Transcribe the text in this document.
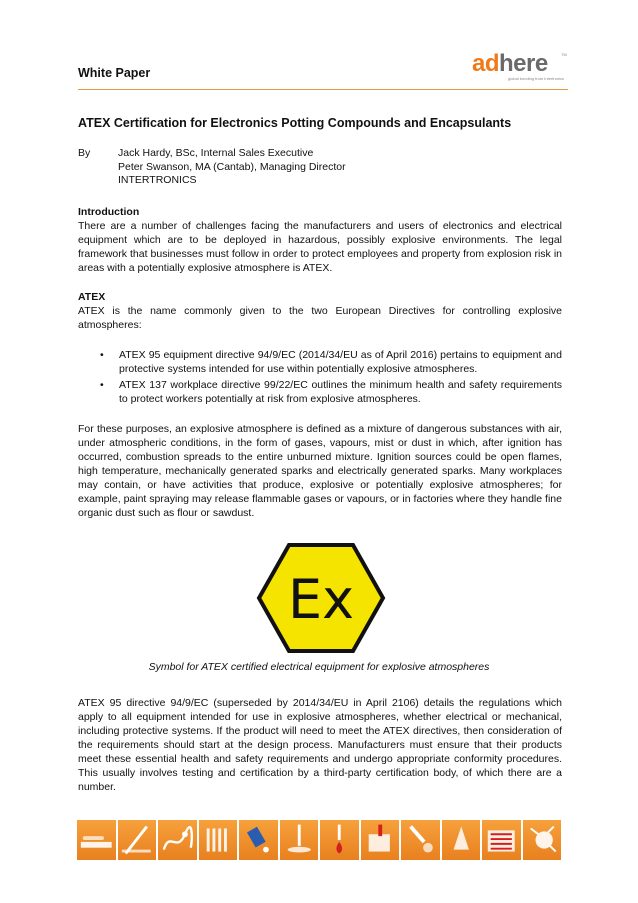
White Paper	adhere	TM
global bonding from Intertronics
ATEX Certification for Electronics Potting Compounds and Encapsulants
By	Jack Hardy, BSc, Internal Sales Executive
Peter Swanson, MA (Cantab), Managing Director
INTERTRONICS
Introduction
There are a number of challenges facing the manufacturers and users of electronics and electrical equipment which are to be deployed in hazardous, possibly explosive environments. The legal framework that businesses must follow in order to protect employees and property from explosion risk in areas with a potentially explosive atmosphere is ATEX.
ATEX
ATEX is the name commonly given to the two European Directives for controlling explosive atmospheres:
• ATEX 95 equipment directive 94/9/EC (2014/34/EU as of April 2016) pertains to equipment and protective systems intended for use within potentially explosive atmospheres.
• ATEX 137 workplace directive 99/22/EC outlines the minimum health and safety requirements to protect workers potentially at risk from explosive atmospheres.
For these purposes, an explosive atmosphere is defined as a mixture of dangerous substances with air, under atmospheric conditions, in the form of gases, vapours, mist or dust in which, after ignition has occurred, combustion spreads to the entire unburned mixture. Ignition sources could be open flames, high temperature, mechanically generated sparks and electrically generated sparks. Many workplaces may contain, or have activities that produce, explosive or potentially explosive atmospheres; for example, paint spraying may release flammable gases or vapours, or in factories where they handle fine organic dust such as flour or sawdust.
Ex
Symbol for ATEX certified electrical equipment for explosive atmospheres
ATEX 95 directive 94/9/EC (superseded by 2014/34/EU in April 2106) details the regulations which apply to all equipment intended for use in explosive atmospheres, whether electrical or mechanical, including protective systems. If the product will need to meet the ATEX directives, then consideration of the requirements should start at the design process. Manufacturers must ensure that their products meet these essential health and safety requirements and undergo appropriate conformity procedures. This usually involves testing and certification by a third-party certification body, of which there are a number.
